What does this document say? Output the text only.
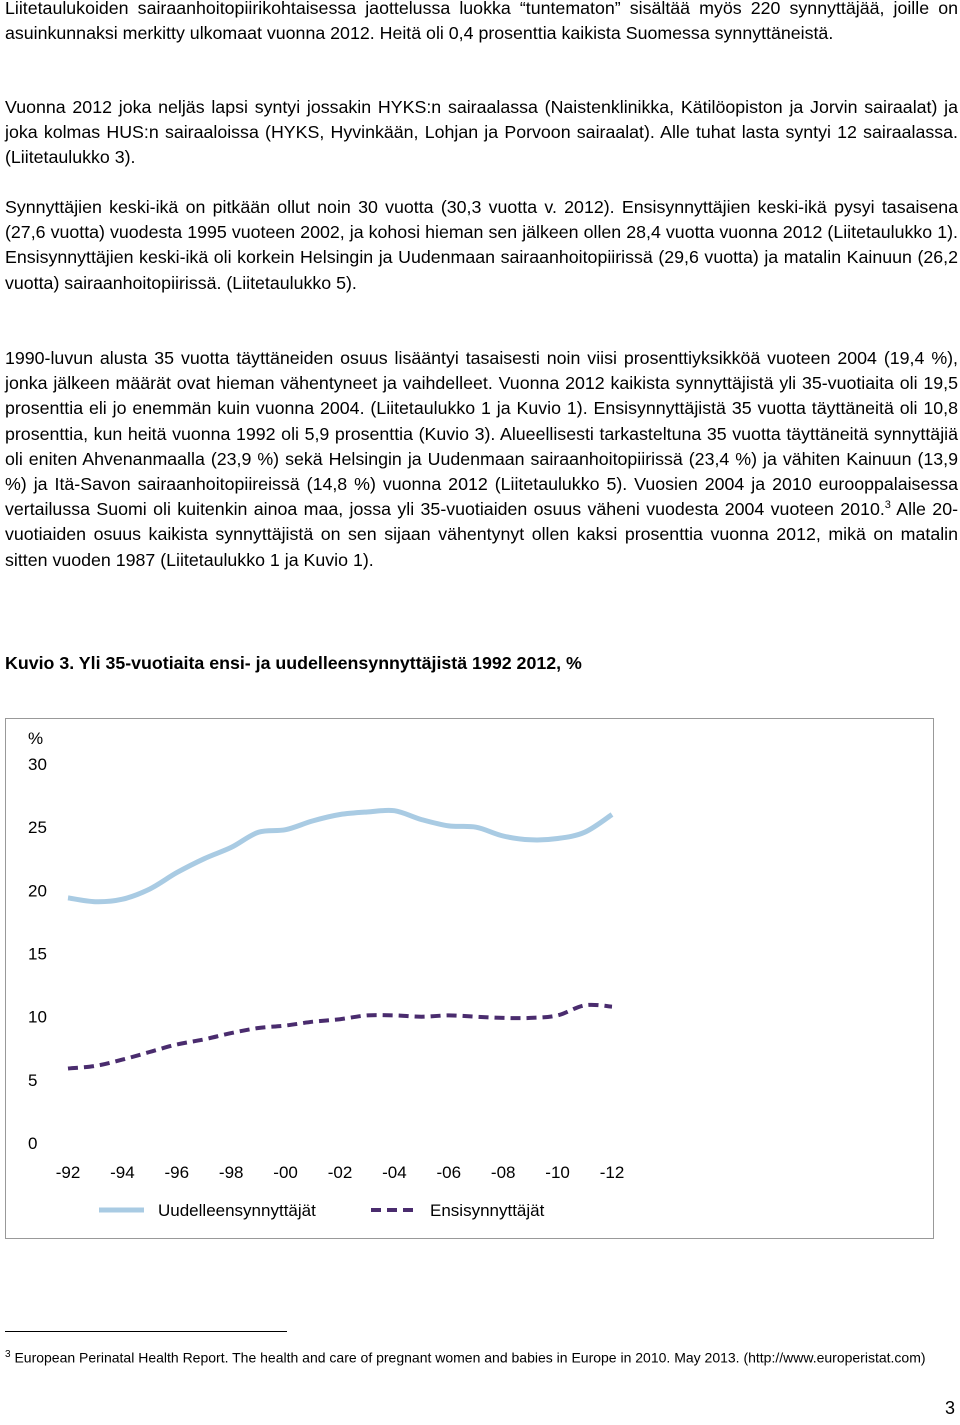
Liitetaulukoiden sairaanhoitopiirikohtaisessa jaottelussa luokka “tuntematon” sisältää myös 220 synnyttäjää, joille on asuinkunnaksi merkitty ulkomaat vuonna 2012. Heitä oli 0,4 prosenttia kaikista Suomessa synnyttäneistä.

Vuonna 2012 joka neljäs lapsi syntyi jossakin HYKS:n sairaalassa (Naistenklinikka, Kätilöopiston ja Jorvin sairaalat) ja joka kolmas HUS:n sairaaloissa (HYKS, Hyvinkään, Lohjan ja Porvoon sairaalat). Alle tuhat lasta syntyi 12 sairaalassa. (Liitetaulukko 3).

Synnyttäjien keski-ikä on pitkään ollut noin 30 vuotta (30,3 vuotta v. 2012). Ensisynnyttäjien keski-ikä pysyi tasaisena (27,6 vuotta) vuodesta 1995 vuoteen 2002, ja kohosi hieman sen jälkeen ollen 28,4 vuotta vuonna 2012 (Liitetaulukko 1). Ensisynnyttäjien keski-ikä oli korkein Helsingin ja Uudenmaan sairaanhoitopiirissä (29,6 vuotta) ja matalin Kainuun (26,2 vuotta) sairaanhoitopiirissä. (Liitetaulukko 5).

1990-luvun alusta 35 vuotta täyttäneiden osuus lisääntyi tasaisesti noin viisi prosenttiyksikköä vuoteen 2004 (19,4 %), jonka jälkeen määrät ovat hieman vähentyneet ja vaihdelleet. Vuonna 2012 kaikista synnyttäjistä yli 35-vuotiaita oli 19,5 prosenttia eli jo enemmän kuin vuonna 2004. (Liitetaulukko 1 ja Kuvio 1). Ensisynnyttäjistä 35 vuotta täyttäneitä oli 10,8 prosenttia, kun heitä vuonna 1992 oli 5,9 prosenttia (Kuvio 3). Alueellisesti tarkasteltuna 35 vuotta täyttäneitä synnyttäjiä oli eniten Ahvenanmaalla (23,9 %) sekä Helsingin ja Uudenmaan sairaanhoitopiirissä (23,4 %) ja vähiten Kainuun (13,9 %) ja Itä-Savon sairaanhoitopiireissä (14,8 %) vuonna 2012 (Liitetaulukko 5). Vuosien 2004 ja 2010 eurooppalaisessa vertailussa Suomi oli kuitenkin ainoa maa, jossa yli 35-vuotiaiden osuus väheni vuodesta 2004 vuoteen 2010.$^3$ Alle 20-vuotiaiden osuus kaikista synnyttäjistä on sen sijaan vähentynyt ollen kaksi prosenttia vuonna 2012, mikä on matalin sitten vuoden 1987 (Liitetaulukko 1 ja Kuvio 1).

Kuvio 3. Yli 35-vuotiaita ensi- ja uudelleensynnyttäjistä 1992 2012, %

%
0
5
10
15
20
25
30
-92 -94 -96 -98 -00 -02 -04 -06 -08 -10 -12
Uudelleensynnyttäjät	Ensisynnyttäjät

$^3$ European Perinatal Health Report. The health and care of pregnant women and babies in Europe in 2010. May 2013. (http://www.europeristat.com)

3
